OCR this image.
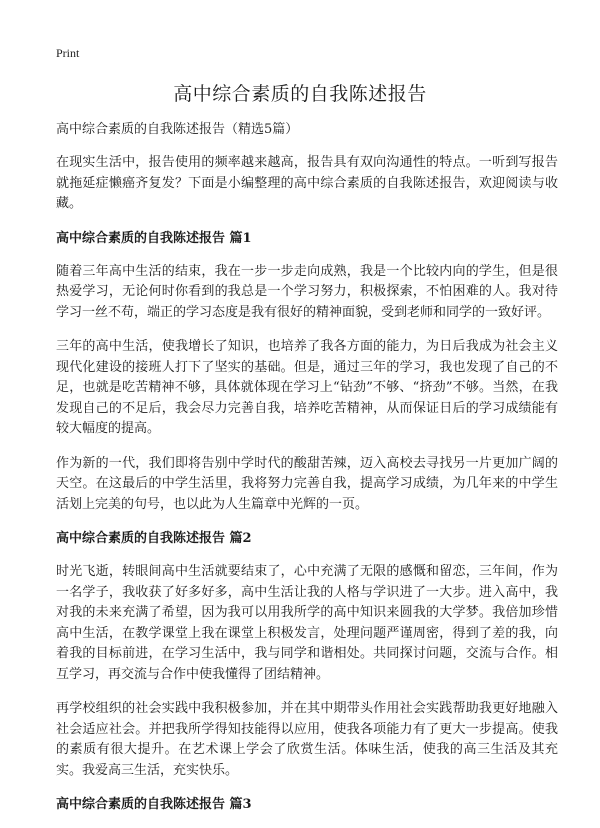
Print
高中综合素质的自我陈述报告
高中综合素质的自我陈述报告（精选5篇）

在现实生活中，报告使用的频率越来越高，报告具有双向沟通性的特点。一听到写报告就拖延症懒癌齐复发？下面是小编整理的高中综合素质的自我陈述报告，欢迎阅读与收藏。

高中综合素质的自我陈述报告 篇1

随着三年高中生活的结束，我在一步一步走向成熟，我是一个比较内向的学生，但是很热爱学习，无论何时你看到的我总是一个学习努力，积极探索，不怕困难的人。我对待学习一丝不苟，端正的学习态度是我有很好的精神面貌，受到老师和同学的一致好评。

三年的高中生活，使我增长了知识，也培养了我各方面的能力，为日后我成为社会主义现代化建设的接班人打下了坚实的基础。但是，通过三年的学习，我也发现了自己的不足，也就是吃苦精神不够，具体就体现在学习上“钻劲”不够、“挤劲”不够。当然，在我发现自己的不足后，我会尽力完善自我，培养吃苦精神，从而保证日后的学习成绩能有较大幅度的提高。

作为新的一代，我们即将告别中学时代的酸甜苦辣，迈入高校去寻找另一片更加广阔的天空。在这最后的中学生活里，我将努力完善自我，提高学习成绩，为几年来的中学生活划上完美的句号，也以此为人生篇章中光辉的一页。

高中综合素质的自我陈述报告 篇2

时光飞逝，转眼间高中生活就要结束了，心中充满了无限的感慨和留恋，三年间，作为一名学子，我收获了好多好多，高中生活让我的人格与学识进了一大步。进入高中，我对我的未来充满了希望，因为我可以用我所学的高中知识来圆我的大学梦。我倍加珍惜高中生活，在教学课堂上我在课堂上积极发言，处理问题严谨周密，得到了差的我，向着我的目标前进，在学习生活中，我与同学和谐相处。共同探讨问题，交流与合作。相互学习，再交流与合作中使我懂得了团结精神。

再学校组织的社会实践中我积极参加，并在其中期带头作用社会实践帮助我更好地融入社会适应社会。并把我所学得知技能得以应用，使我各项能力有了更大一步提高。使我的素质有很大提升。在艺术课上学会了欣赏生活。体味生活，使我的高三生活及其充实。我爱高三生活，充实快乐。

高中综合素质的自我陈述报告 篇3
